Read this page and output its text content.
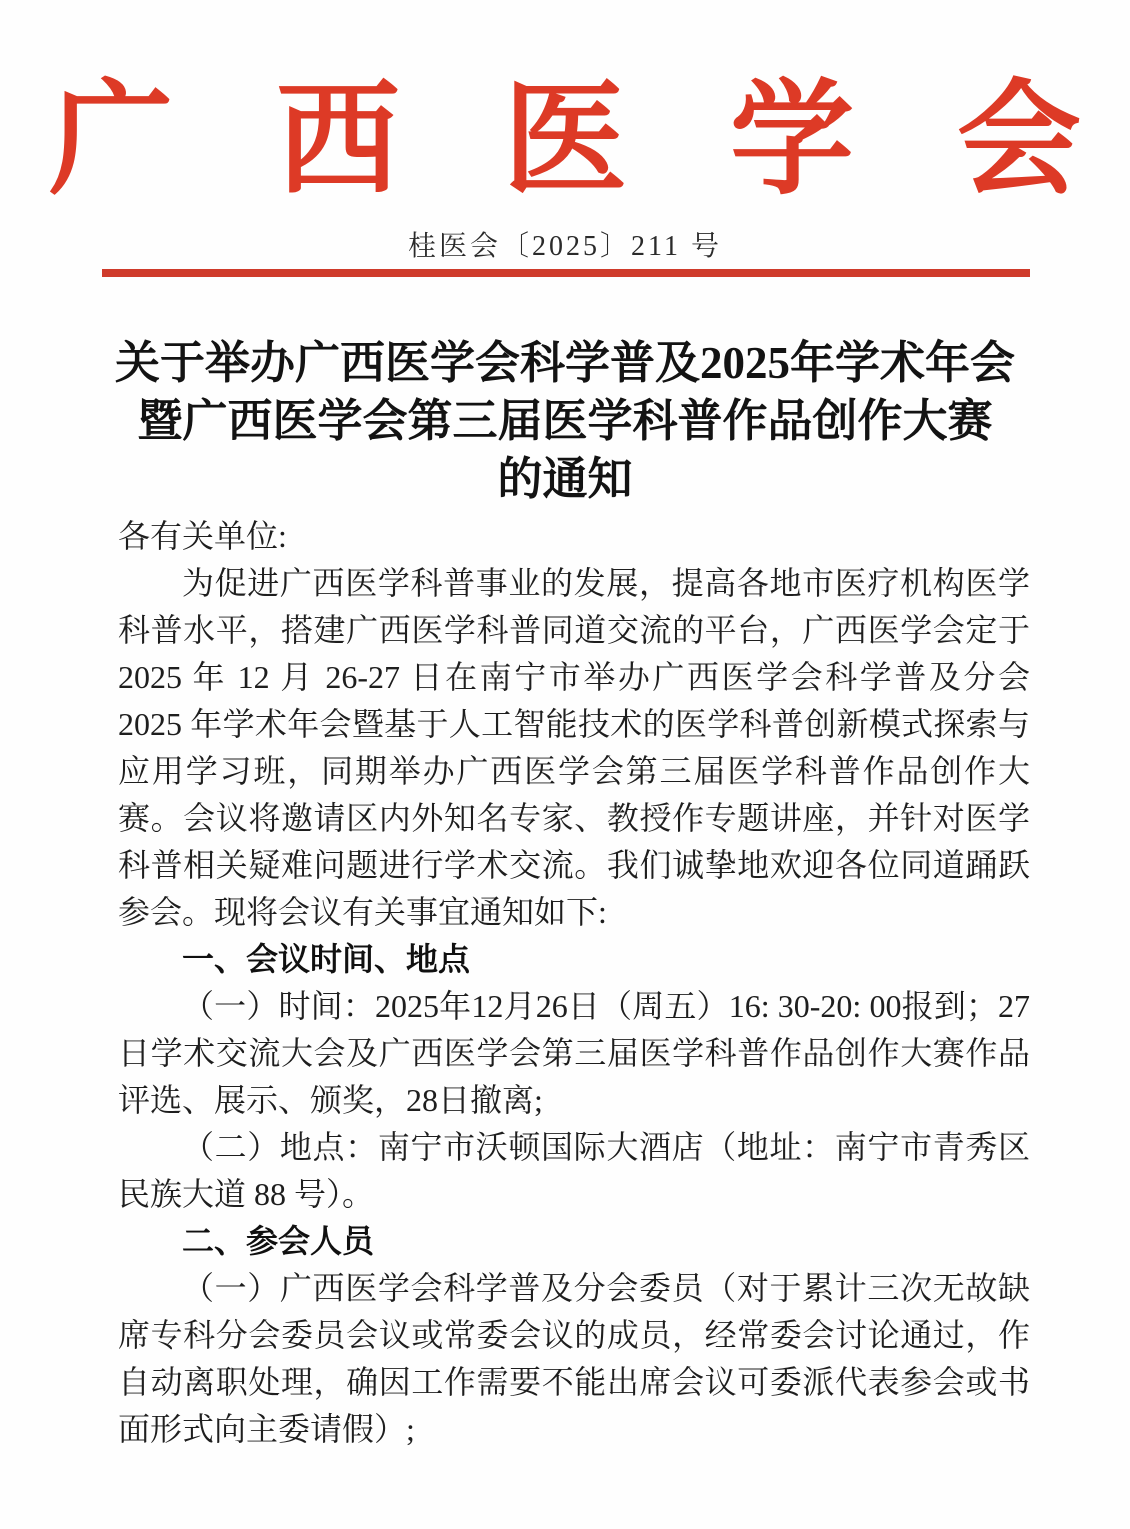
广 西 医 学 会
桂医会〔2025〕211 号
关于举办广西医学会科学普及2025年学术年会
暨广西医学会第三届医学科普作品创作大赛
的通知
各有关单位:
为促进广西医学科普事业的发展，提高各地市医疗机构医学科普水平，搭建广西医学科普同道交流的平台，广西医学会定于 2025 年 12 月 26-27 日在南宁市举办广西医学会科学普及分会 2025 年学术年会暨基于人工智能技术的医学科普创新模式探索与应用学习班，同期举办广西医学会第三届医学科普作品创作大赛。会议将邀请区内外知名专家、教授作专题讲座，并针对医学科普相关疑难问题进行学术交流。我们诚挚地欢迎各位同道踊跃参会。现将会议有关事宜通知如下:
一、会议时间、地点
（一）时间：2025年12月26日（周五）16: 30-20: 00报到；27日学术交流大会及广西医学会第三届医学科普作品创作大赛作品评选、展示、颁奖，28日撤离;
（二）地点：南宁市沃顿国际大酒店（地址：南宁市青秀区民族大道 88 号）。
二、参会人员
（一）广西医学会科学普及分会委员（对于累计三次无故缺席专科分会委员会议或常委会议的成员，经常委会讨论通过，作自动离职处理，确因工作需要不能出席会议可委派代表参会或书面形式向主委请假）;
